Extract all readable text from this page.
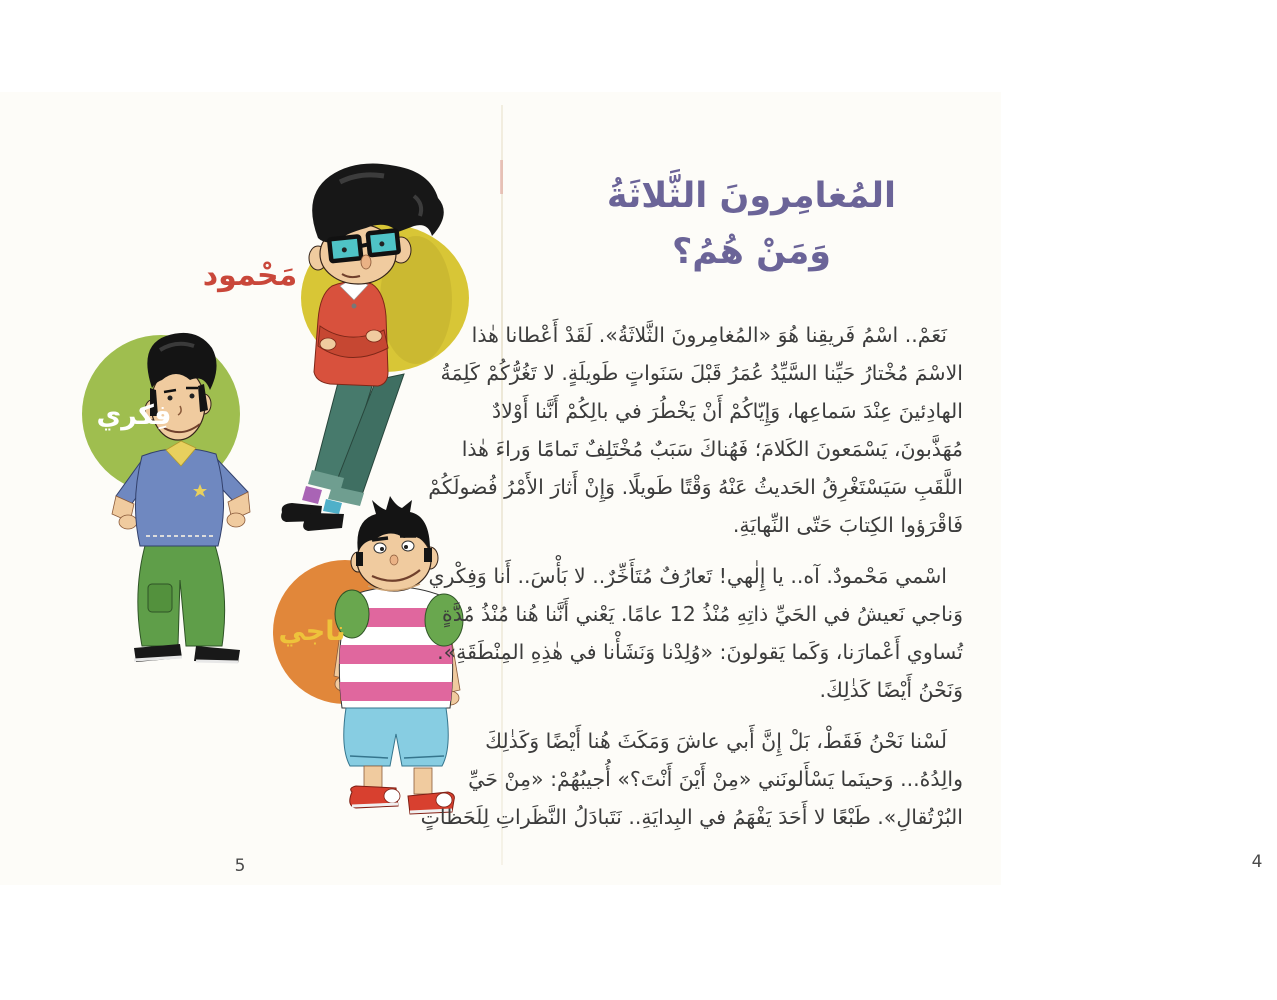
مَحْمود
فِكري
ناجي
5
المُغامِرونَ الثَّلاثَةُ
وَمَنْ هُمُ؟
نَعَمْ.. اسْمُ فَريقِنا هُوَ «المُغامِرونَ الثَّلاثَةُ». لَقَدْ أَعْطانا هٰذا
الاسْمَ مُخْتارُ حَيِّنا السَّيِّدُ عُمَرُ قَبْلَ سَنَواتٍ طَويلَةٍ. لا تَغُرُّكُمْ كَلِمَةُ
الهادِئينَ عِنْدَ سَماعِها، وَإِيّاكُمْ أَنْ يَخْطُرَ في بالِكُمْ أَنَّنا أَوْلادٌ
مُهَذَّبونَ، يَسْمَعونَ الكَلامَ؛ فَهُناكَ سَبَبٌ مُخْتَلِفٌ تَمامًا وَراءَ هٰذا
اللَّقَبِ سَيَسْتَغْرِقُ الحَديثُ عَنْهُ وَقْتًا طَويلًا. وَإِنْ أَثارَ الأَمْرُ فُضولَكُمْ
فَاقْرَؤوا الكِتابَ حَتّى النِّهايَةِ.
اسْمي مَحْمودٌ. آه.. يا إِلٰهي! تَعارُفٌ مُتَأَخِّرٌ.. لا بَأْسَ.. أَنا وَفِكْري
وَناجي نَعيشُ في الحَيِّ ذاتِهِ مُنْذُ 12 عامًا. يَعْني أَنَّنا هُنا مُنْذُ مُدَّةٍ
تُساوي أَعْمارَنا، وَكَما يَقولونَ: «وُلِدْنا وَنَشَأْنا في هٰذِهِ المِنْطَقَةِ».
وَنَحْنُ أَيْضًا كَذٰلِكَ.
لَسْنا نَحْنُ فَقَطْ، بَلْ إِنَّ أَبي عاشَ وَمَكَثَ هُنا أَيْضًا وَكَذٰلِكَ
والِدُهُ... وَحينَما يَسْأَلونَني «مِنْ أَيْنَ أَنْتَ؟» أُجيبُهُمْ: «مِنْ حَيِّ
البُرْتُقالِ». طَبْعًا لا أَحَدَ يَفْهَمُ في البِدايَةِ.. نَتَبادَلُ النَّظَراتِ لِلَحَظاتٍ
4
